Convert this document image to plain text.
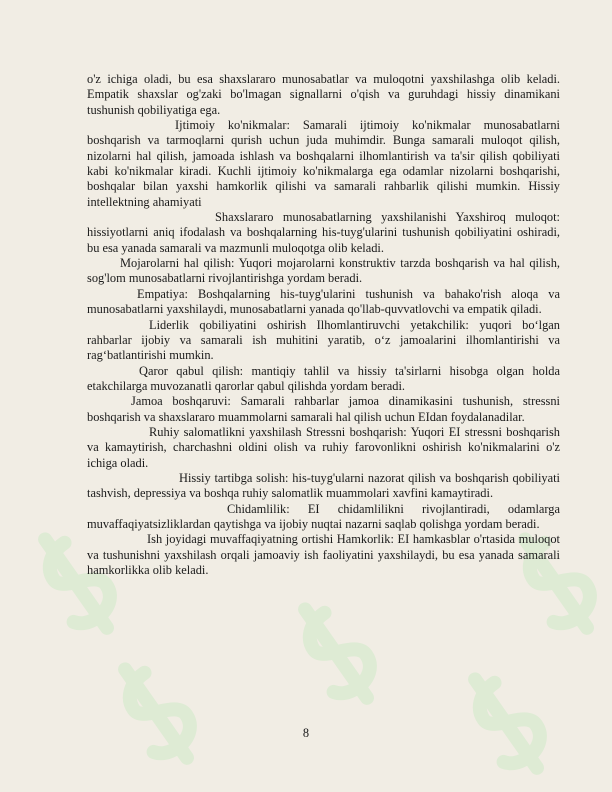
o'z ichiga oladi, bu esa shaxslararo munosabatlar va muloqotni yaxshilashga olib keladi. Empatik shaxslar og'zaki bo'lmagan signallarni o'qish va guruhdagi hissiy dinamikani tushunish qobiliyatiga ega.

Ijtimoiy ko'nikmalar: Samarali ijtimoiy ko'nikmalar munosabatlarni boshqarish va tarmoqlarni qurish uchun juda muhimdir. Bunga samarali muloqot qilish, nizolarni hal qilish, jamoada ishlash va boshqalarni ilhomlantirish va ta'sir qilish qobiliyati kabi ko'nikmalar kiradi. Kuchli ijtimoiy ko'nikmalarga ega odamlar nizolarni boshqarishi, boshqalar bilan yaxshi hamkorlik qilishi va samarali rahbarlik qilishi mumkin. Hissiy intellektning ahamiyati

Shaxslararo munosabatlarning yaxshilanishi Yaxshiroq muloqot: hissiyotlarni aniq ifodalash va boshqalarning his-tuyg'ularini tushunish qobiliyatini oshiradi, bu esa yanada samarali va mazmunli muloqotga olib keladi.

Mojarolarni hal qilish: Yuqori mojarolarni konstruktiv tarzda boshqarish va hal qilish, sog'lom munosabatlarni rivojlantirishga yordam beradi.

Empatiya: Boshqalarning his-tuyg'ularini tushunish va bahako'rish aloqa va munosabatlarni yaxshilaydi, munosabatlarni yanada qo'llab-quvvatlovchi va empatik qiladi.

Liderlik qobiliyatini oshirish Ilhomlantiruvchi yetakchilik: yuqori bo‘lgan rahbarlar ijobiy va samarali ish muhitini yaratib, o‘z jamoalarini ilhomlantirishi va rag‘batlantirishi mumkin.

Qaror qabul qilish: mantiqiy tahlil va hissiy ta'sirlarni hisobga olgan holda etakchilarga muvozanatli qarorlar qabul qilishda yordam beradi.

Jamoa boshqaruvi: Samarali rahbarlar jamoa dinamikasini tushunish, stressni boshqarish va shaxslararo muammolarni samarali hal qilish uchun EIdan foydalanadilar.

Ruhiy salomatlikni yaxshilash Stressni boshqarish: Yuqori EI stressni boshqarish va kamaytirish, charchashni oldini olish va ruhiy farovonlikni oshirish ko'nikmalarini o'z ichiga oladi.

Hissiy tartibga solish: his-tuyg'ularni nazorat qilish va boshqarish qobiliyati tashvish, depressiya va boshqa ruhiy salomatlik muammolari xavfini kamaytiradi.

Chidamlilik: EI chidamlilikni rivojlantiradi, odamlarga muvaffaqiyatsizliklardan qaytishga va ijobiy nuqtai nazarni saqlab qolishga yordam beradi.

Ish joyidagi muvaffaqiyatning ortishi Hamkorlik: EI hamkasblar o'rtasida muloqot va tushunishni yaxshilash orqali jamoaviy ish faoliyatini yaxshilaydi, bu esa yanada samarali hamkorlikka olib keladi.

8
